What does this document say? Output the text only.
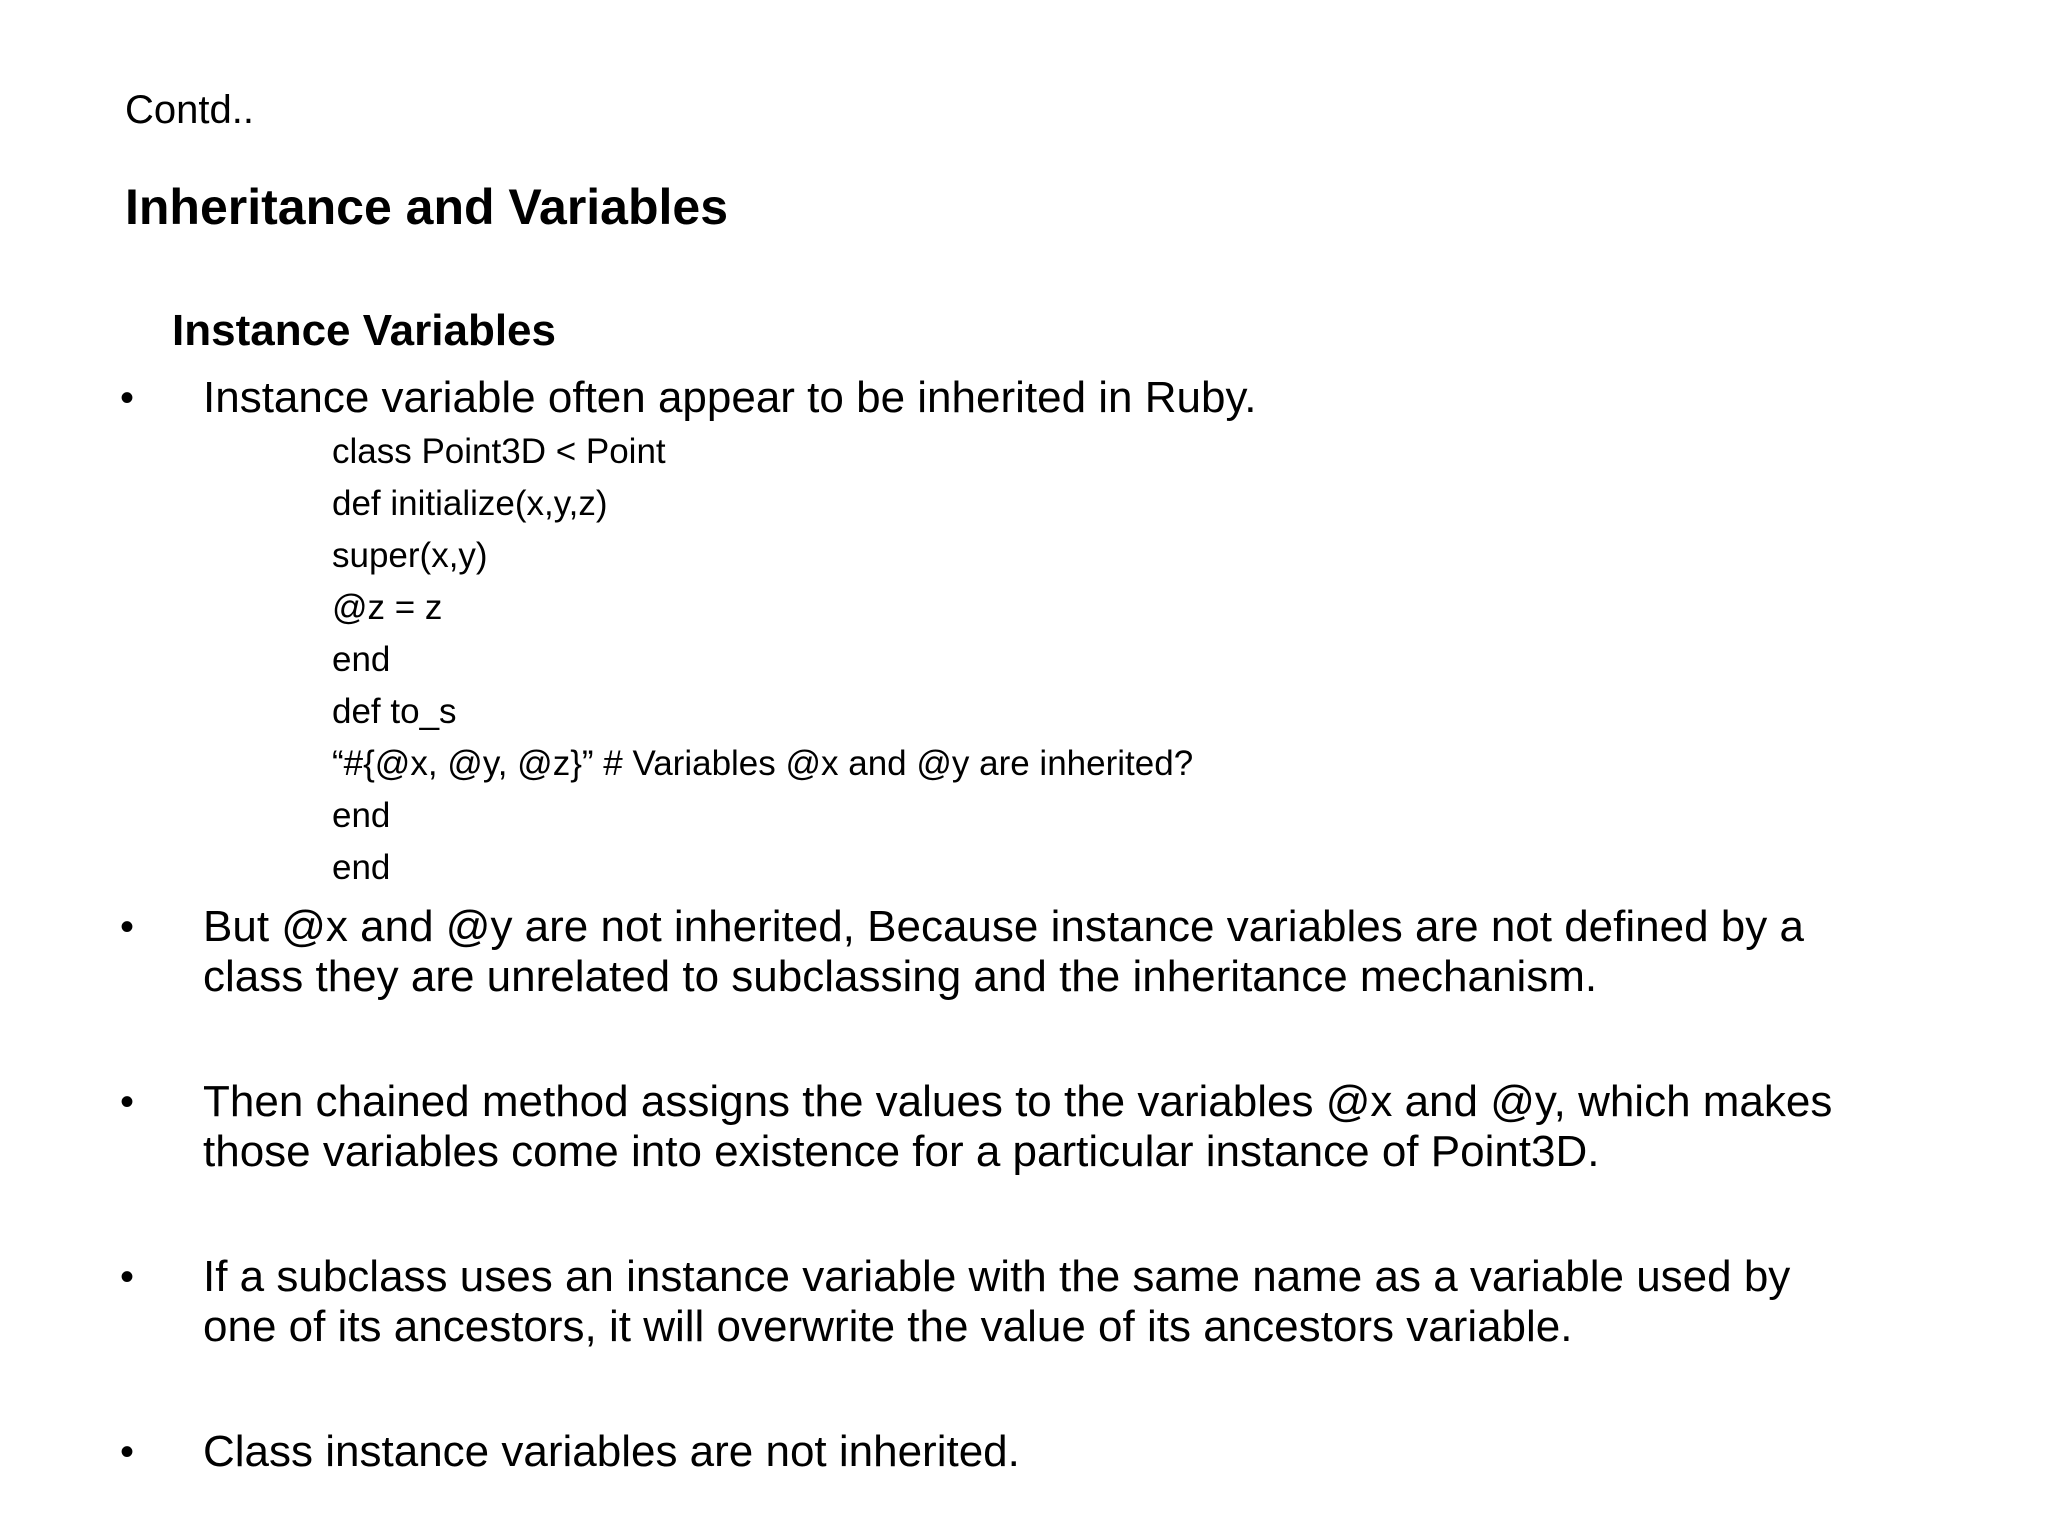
Contd..
Inheritance and Variables
Instance Variables
• Instance variable often appear to be inherited in Ruby.
class Point3D < Point
def initialize(x,y,z)
super(x,y)
@z = z
end
def to_s
“#{@x, @y, @z}” # Variables @x and @y are inherited?
end
end
• But @x and @y are not inherited, Because instance variables are not defined by a
class they are unrelated to subclassing and the inheritance mechanism.
• Then chained method assigns the values to the variables @x and @y, which makes
those variables come into existence for a particular instance of Point3D.
• If a subclass uses an instance variable with the same name as a variable used by
one of its ancestors, it will overwrite the value of its ancestors variable.
• Class instance variables are not inherited.
